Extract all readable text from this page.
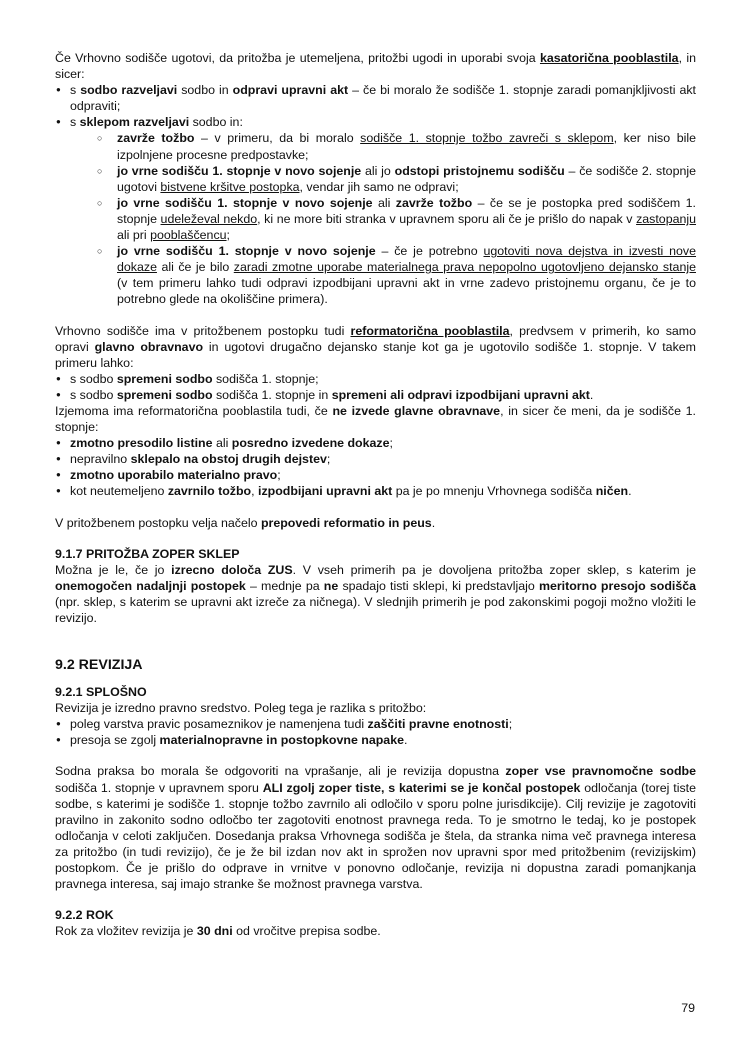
Če Vrhovno sodišče ugotovi, da pritožba je utemeljena, pritožbi ugodi in uporabi svoja kasatorična pooblastila, in sicer:

● s sodbo razveljavi sodbo in odpravi upravni akt – če bi moralo že sodišče 1. stopnje zaradi pomanjkljivosti akt odpraviti;
● s sklepom razveljavi sodbo in:
○ zavrže tožbo – v primeru, da bi moralo sodišče 1. stopnje tožbo zavreči s sklepom, ker niso bile izpolnjene procesne predpostavke;
○ jo vrne sodišču 1. stopnje v novo sojenje ali jo odstopi pristojnemu sodišču – če sodišče 2. stopnje ugotovi bistvene kršitve postopka, vendar jih samo ne odpravi;
○ jo vrne sodišču 1. stopnje v novo sojenje ali zavrže tožbo – če se je postopka pred sodiščem 1. stopnje udeleževal nekdo, ki ne more biti stranka v upravnem sporu ali če je prišlo do napak v zastopanju ali pri pooblaščencu;
○ jo vrne sodišču 1. stopnje v novo sojenje – če je potrebno ugotoviti nova dejstva in izvesti nove dokaze ali če je bilo zaradi zmotne uporabe materialnega prava nepopolno ugotovljeno dejansko stanje (v tem primeru lahko tudi odpravi izpodbijani upravni akt in vrne zadevo pristojnemu organu, če je to potrebno glede na okoliščine primera).

Vrhovno sodišče ima v pritožbenem postopku tudi reformatorična pooblastila, predvsem v primerih, ko samo opravi glavno obravnavo in ugotovi drugačno dejansko stanje kot ga je ugotovilo sodišče 1. stopnje. V takem primeru lahko:

● s sodbo spremeni sodbo sodišča 1. stopnje;
● s sodbo spremeni sodbo sodišča 1. stopnje in spremeni ali odpravi izpodbijani upravni akt.

Izjemoma ima reformatorična pooblastila tudi, če ne izvede glavne obravnave, in sicer če meni, da je sodišče 1. stopnje:

● zmotno presodilo listine ali posredno izvedene dokaze;
● nepravilno sklepalo na obstoj drugih dejstev;
● zmotno uporabilo materialno pravo;
● kot neutemeljeno zavrnilo tožbo, izpodbijani upravni akt pa je po mnenju Vrhovnega sodišča ničen.

V pritožbenem postopku velja načelo prepovedi reformatio in peus.

9.1.7 PRITOŽBA ZOPER SKLEP

Možna je le, če jo izrecno določa ZUS. V vseh primerih pa je dovoljena pritožba zoper sklep, s katerim je onemogočen nadaljnji postopek – mednje pa ne spadajo tisti sklepi, ki predstavljajo meritorno presojo sodišča (npr. sklep, s katerim se upravni akt izreče za ničnega). V slednjih primerih je pod zakonskimi pogoji možno vložiti le revizijo.

9.2 REVIZIJA
9.2.1 SPLOŠNO

Revizija je izredno pravno sredstvo. Poleg tega je razlika s pritožbo:

● poleg varstva pravic posameznikov je namenjena tudi zaščiti pravne enotnosti;
● presoja se zgolj materialnopravne in postopkovne napake.

Sodna praksa bo morala še odgovoriti na vprašanje, ali je revizija dopustna zoper vse pravnomočne sodbe sodišča 1. stopnje v upravnem sporu ALI zgolj zoper tiste, s katerimi se je končal postopek odločanja (torej tiste sodbe, s katerimi je sodišče 1. stopnje tožbo zavrnilo ali odločilo v sporu polne jurisdikcije). Cilj revizije je zagotoviti pravilno in zakonito sodno odločbo ter zagotoviti enotnost pravnega reda. To je smotrno le tedaj, ko je postopek odločanja v celoti zaključen. Dosedanja praksa Vrhovnega sodišča je štela, da stranka nima več pravnega interesa za pritožbo (in tudi revizijo), če je že bil izdan nov akt in sprožen nov upravni spor med pritožbenim (revizijskim) postopkom. Če je prišlo do odprave in vrnitve v ponovno odločanje, revizija ni dopustna zaradi pomanjkanja pravnega interesa, saj imajo stranke še možnost pravnega varstva.

9.2.2 ROK

Rok za vložitev revizija je 30 dni od vročitve prepisa sodbe.

79
